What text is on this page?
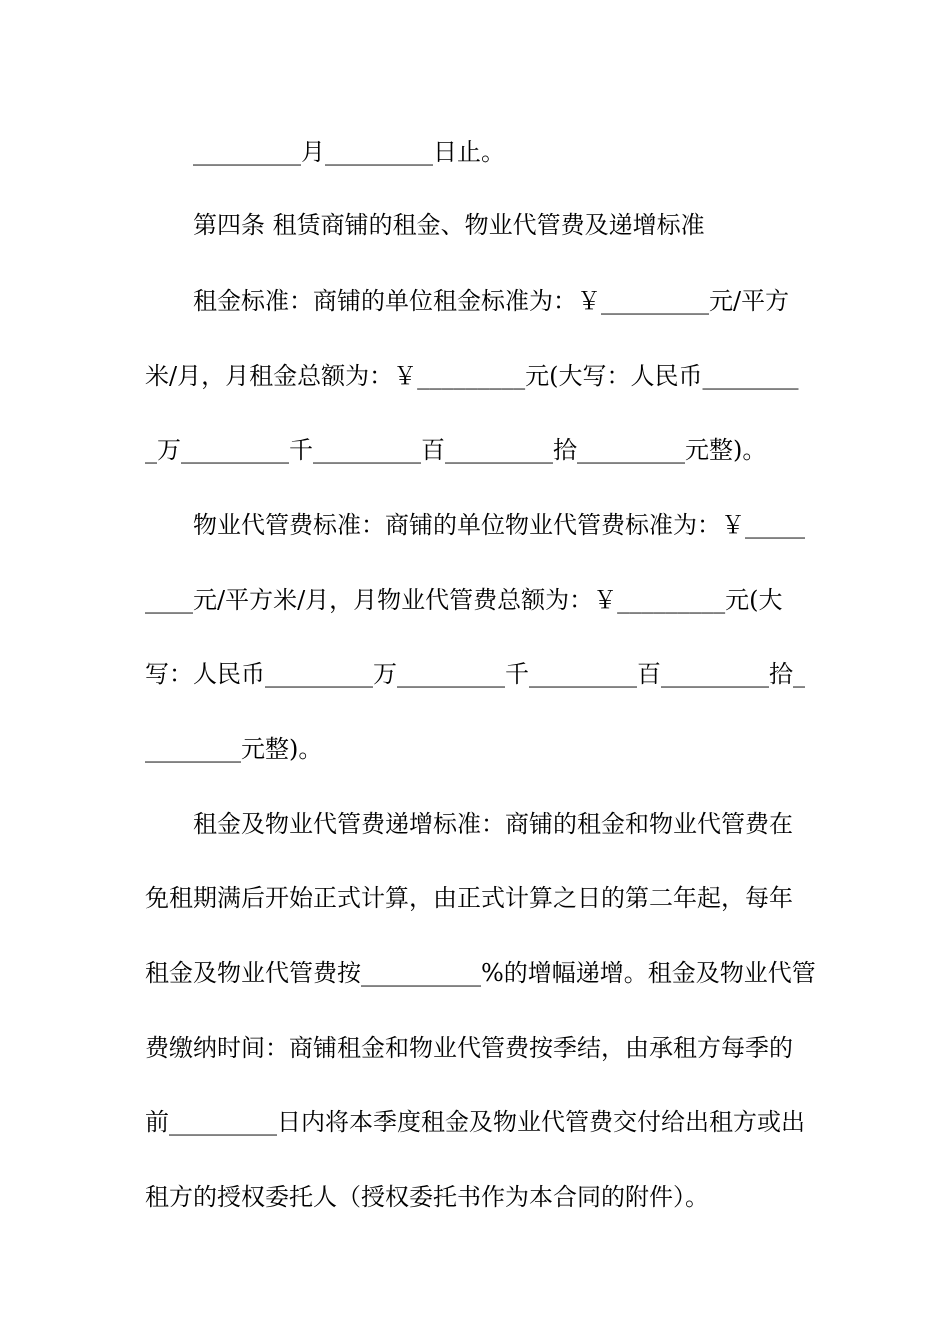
_________月_________日止。
第四条 租赁商铺的租金、物业代管费及递增标准
租金标准：商铺的单位租金标准为：￥_________元/平方
米/月，月租金总额为：￥_________元(大写：人民币________
_万_________千_________百_________拾_________元整)。
物业代管费标准：商铺的单位物业代管费标准为：￥_____
____元/平方米/月，月物业代管费总额为：￥_________元(大
写：人民币_________万_________千_________百_________拾_
________元整)。
租金及物业代管费递增标准：商铺的租金和物业代管费在
免租期满后开始正式计算，由正式计算之日的第二年起，每年
租金及物业代管费按__________%的增幅递增。租金及物业代管
费缴纳时间：商铺租金和物业代管费按季结，由承租方每季的
前_________日内将本季度租金及物业代管费交付给出租方或出
租方的授权委托人（授权委托书作为本合同的附件）。
